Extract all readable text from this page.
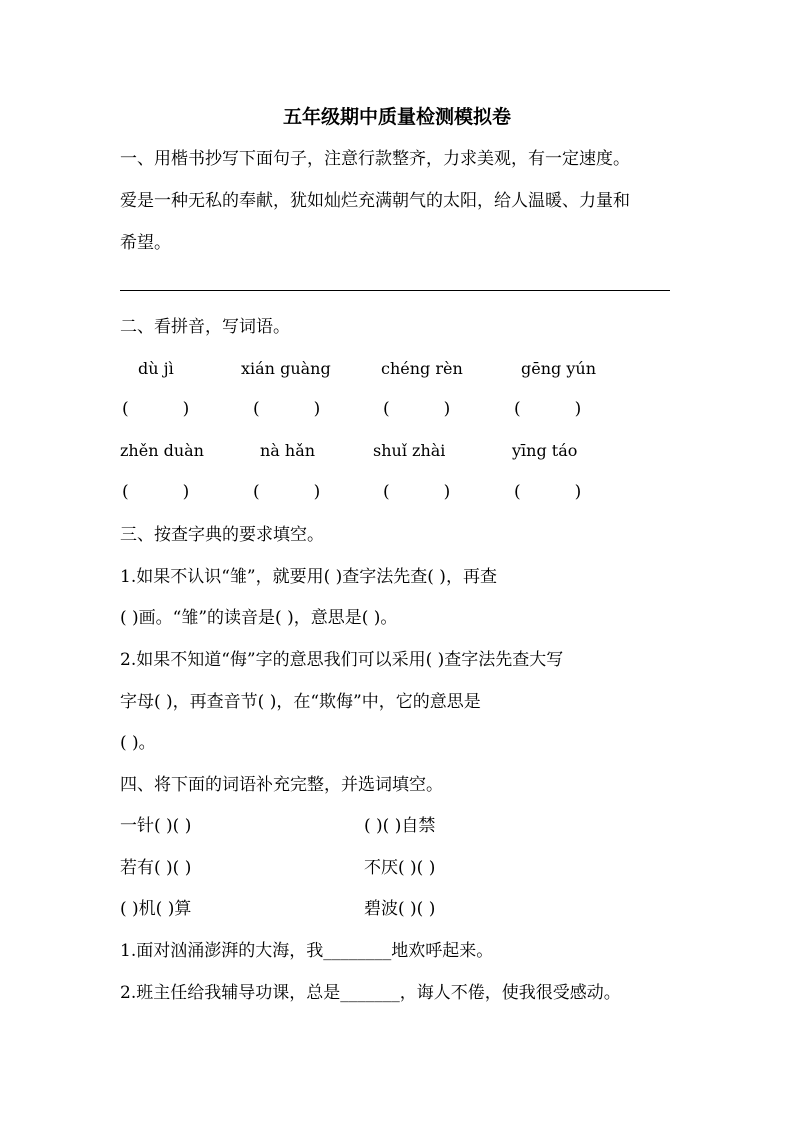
五年级期中质量检测模拟卷
一、用楷书抄写下面句子，注意行款整齐，力求美观，有一定速度。
爱是一种无私的奉献，犹如灿烂充满朝气的太阳，给人温暖、力量和
希望。
二、看拼音，写词语。
dù jì	xián guàng	chéng rèn	gēng yún
(          )	(          )	(          )	(          )
zhěn duàn	nà hǎn	shuǐ zhài	yīng táo
(          )	(          )	(          )	(          )
三、按查字典的要求填空。
1.如果不认识“雏”，就要用( )查字法先查( )，再查
( )画。“雏”的读音是( )，意思是( )。
2.如果不知道“侮”字的意思我们可以采用( )查字法先查大写
字母( )，再查音节( )，在“欺侮”中，它的意思是
( )。
四、将下面的词语补充完整，并选词填空。
一针( )( )	( )( )自禁
若有( )( )	不厌( )( )
( )机( )算	碧波( )( )
1.面对汹涌澎湃的大海，我________地欢呼起来。
2.班主任给我辅导功课，总是_______，诲人不倦，使我很受感动。
